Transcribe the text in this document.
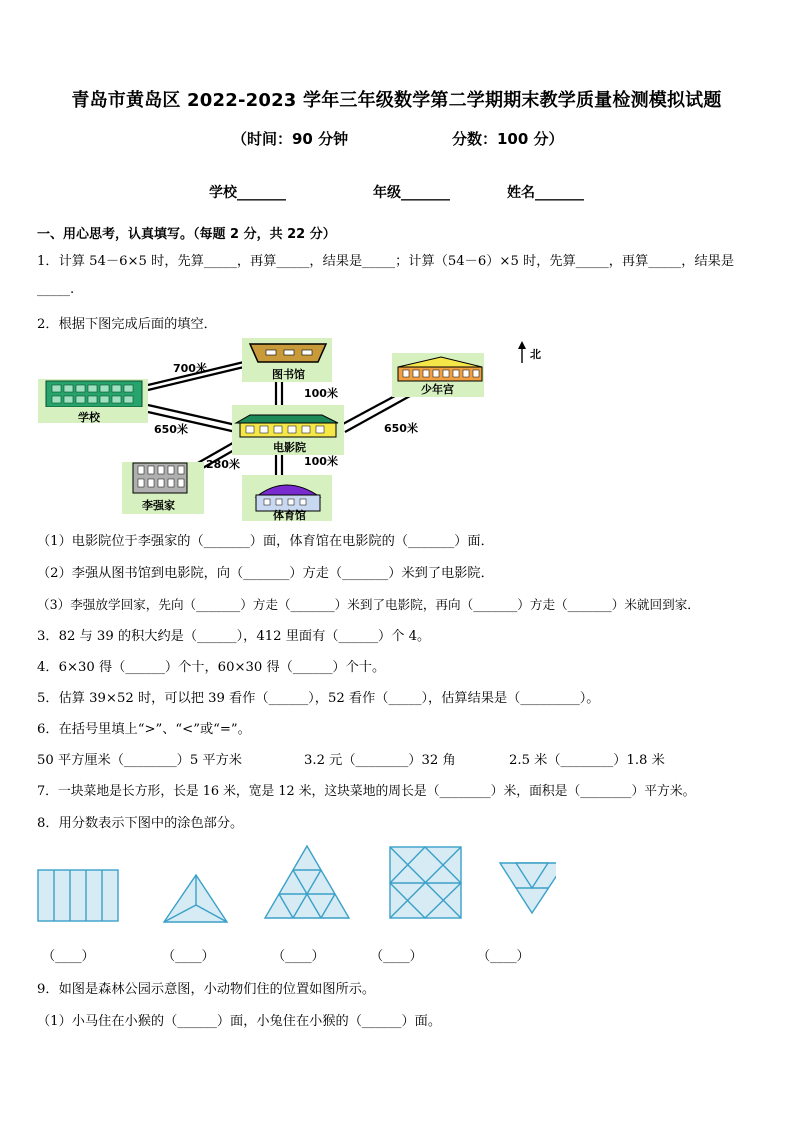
青岛市黄岛区 2022-2023 学年三年级数学第二学期期末教学质量检测模拟试题
（时间：90 分钟	分数：100 分）
学校_______	年级_______	姓名_______
一、用心思考，认真填写。（每题 2 分，共 22 分）
1．计算 54－6×5 时，先算_____，再算_____，结果是_____；计算（54－6）×5 时，先算_____，再算_____，结果是
_____.
2．根据下图完成后面的填空．
学校
图书馆
少年宫
北
电影院
李强家
体育馆
700米
100米
650米	650米
280米	100米
（1）电影院位于李强家的（_______）面，体育馆在电影院的（_______）面．
（2）李强从图书馆到电影院，向（_______）方走（_______）米到了电影院．
（3）李强放学回家，先向（_______）方走（_______）米到了电影院，再向（_______）方走（_______）米就回到家．
3．82 与 39 的积大约是（______），412 里面有（______）个 4。
4．6×30 得（______）个十，60×30 得（______）个十。
5．估算 39×52 时，可以把 39 看作（______），52 看作（_____），估算结果是（_________）。
6．在括号里填上“>”、“<”或“=”。
50 平方厘米（________）5 平方米	3.2 元（________）32 角	2.5 米（________）1.8 米
7．一块菜地是长方形，长是 16 米，宽是 12 米，这块菜地的周长是（________）米，面积是（________）平方米。
8．用分数表示下图中的涂色部分。
（____）	（____）	（____）	（____）	（____）
9．如图是森林公园示意图，小动物们住的位置如图所示。
（1）小马住在小猴的（______）面，小兔住在小猴的（______）面。
